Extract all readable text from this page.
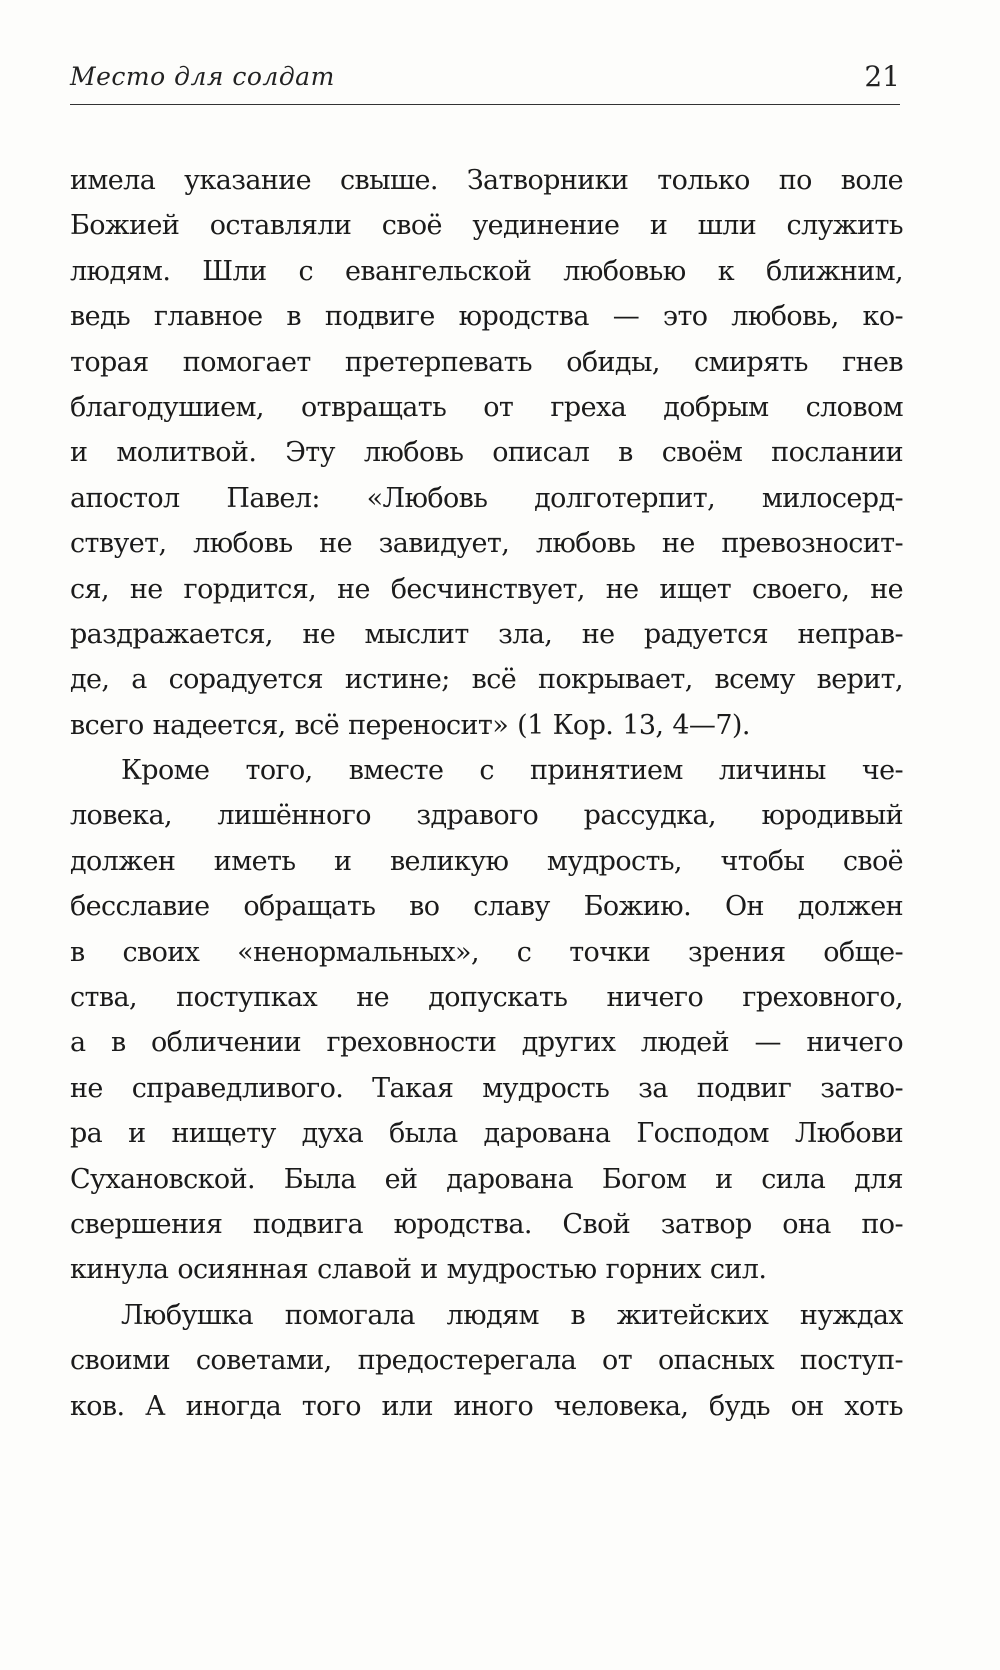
Место для солдат	21
имела указание свыше. Затворники только по воле
Божией оставляли своё уединение и шли служить
людям. Шли с евангельской любовью к ближним,
ведь главное в подвиге юродства — это любовь, ко-
торая помогает претерпевать обиды, смирять гнев
благодушием, отвращать от греха добрым словом
и молитвой. Эту любовь описал в своём послании
апостол Павел: «Любовь долготерпит, милосерд-
ствует, любовь не завидует, любовь не превозносит-
ся, не гордится, не бесчинствует, не ищет своего, не
раздражается, не мыслит зла, не радуется неправ-
де, а сорадуется истине; всё покрывает, всему верит,
всего надеется, всё переносит» (1 Кор. 13, 4—7).
Кроме того, вместе с принятием личины че-
ловека, лишённого здравого рассудка, юродивый
должен иметь и великую мудрость, чтобы своё
бесславие обращать во славу Божию. Он должен
в своих «ненормальных», с точки зрения обще-
ства, поступках не допускать ничего греховного,
а в обличении греховности других людей — ничего
не справедливого. Такая мудрость за подвиг затво-
ра и нищету духа была дарована Господом Любови
Сухановской. Была ей дарована Богом и сила для
свершения подвига юродства. Свой затвор она по-
кинула осиянная славой и мудростью горних сил.
Любушка помогала людям в житейских нуждах
своими советами, предостерегала от опасных поступ-
ков. А иногда того или иного человека, будь он хоть
